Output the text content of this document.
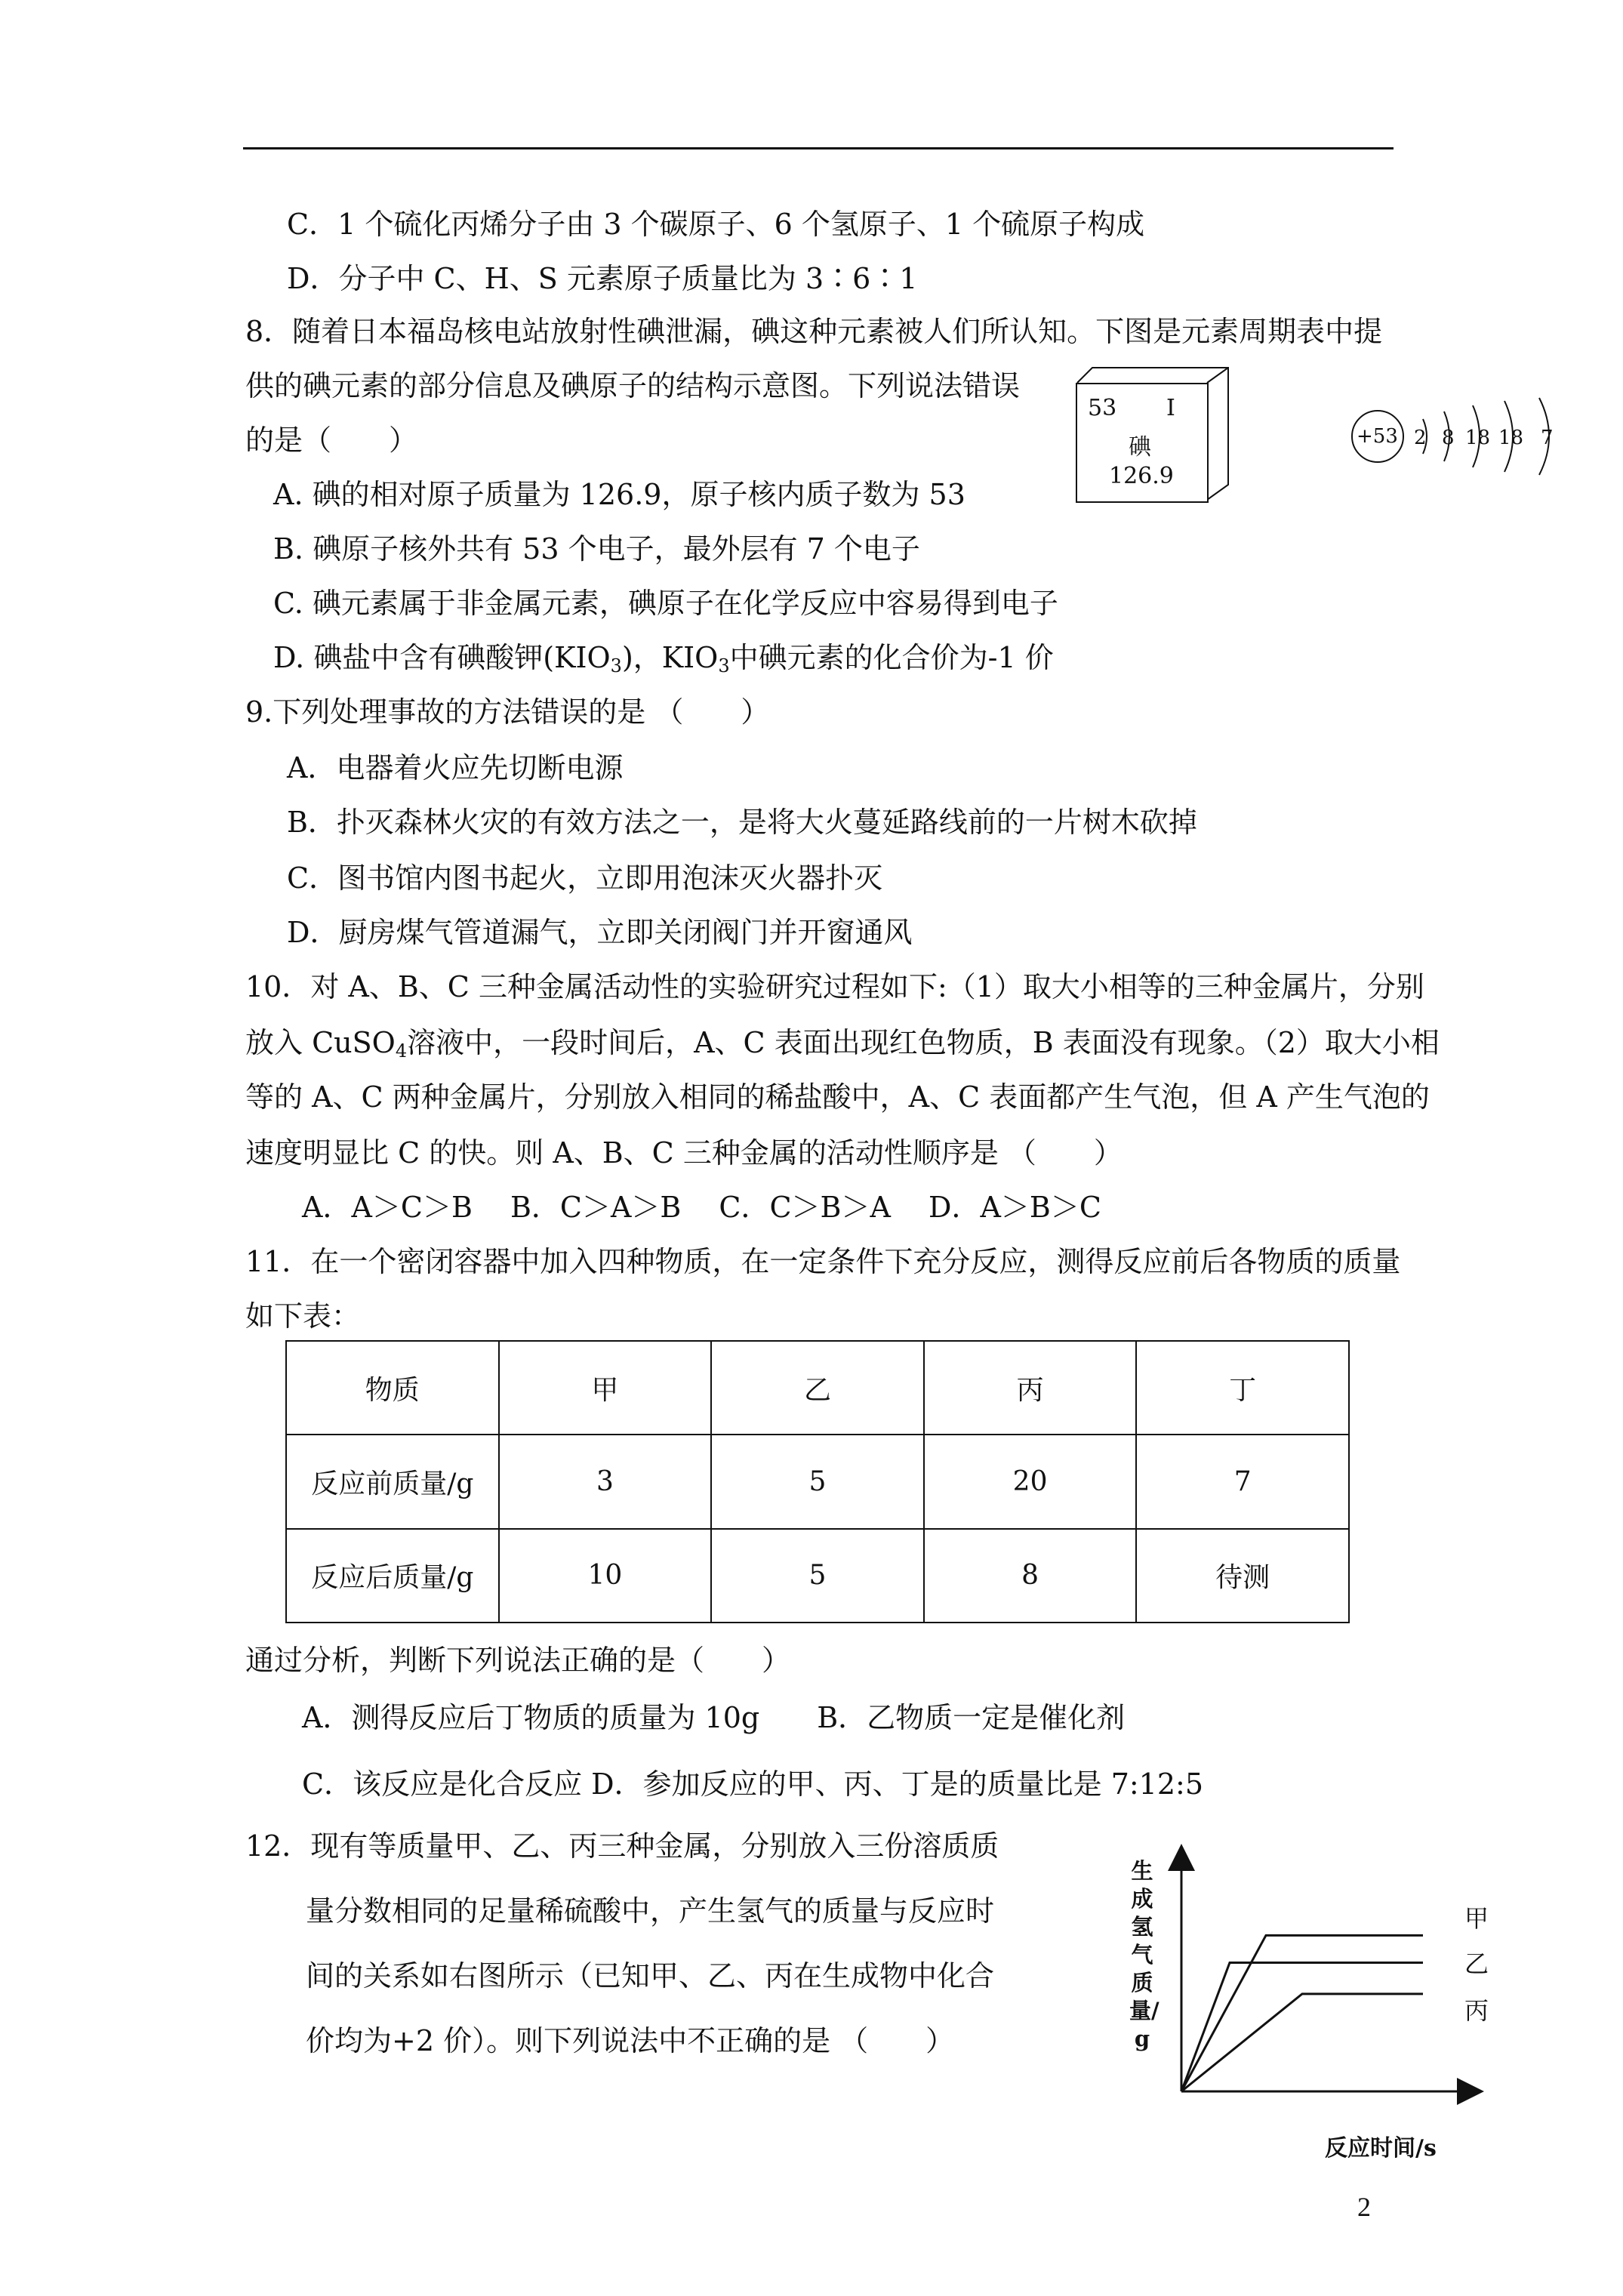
C．1 个硫化丙烯分子由 3 个碳原子、6 个氢原子、1 个硫原子构成
D．分子中 C、H、S 元素原子质量比为 3∶6∶1
8．随着日本福岛核电站放射性碘泄漏，碘这种元素被人们所认知。下图是元素周期表中提
供的碘元素的部分信息及碘原子的结构示意图。下列说法错误
的是（　　）
53 I
碘
126.9
+53 2 8 18 18 7
A. 碘的相对原子质量为 126.9，原子核内质子数为 53
B. 碘原子核外共有 53 个电子，最外层有 7 个电子
C. 碘元素属于非金属元素，碘原子在化学反应中容易得到电子
D. 碘盐中含有碘酸钾$(KIO_3)$，$KIO_3$中碘元素的化合价为-1 价
9.下列处理事故的方法错误的是 （　　）
A．电器着火应先切断电源
B．扑灭森林火灾的有效方法之一，是将大火蔓延路线前的一片树木砍掉
C．图书馆内图书起火，立即用泡沫灭火器扑灭
D．厨房煤气管道漏气，立即关闭阀门并开窗通风
10．对 A、B、C 三种金属活动性的实验研究过程如下:（1）取大小相等的三种金属片，分别
放入 CuSO$_4$溶液中，一段时间后，A、C 表面出现红色物质，B 表面没有现象。（2）取大小相
等的 A、C 两种金属片，分别放入相同的稀盐酸中，A、C 表面都产生气泡，但 A 产生气泡的
速度明显比 C 的快。则 A、B、C 三种金属的活动性顺序是 （　　）
A．A＞C＞B　 B．C＞A＞B　 C．C＞B＞A　 D．A＞B＞C
11．在一个密闭容器中加入四种物质，在一定条件下充分反应，测得反应前后各物质的质量
如下表：
物质	甲	乙	丙	丁
反应前质量/g	3	5	20	7
反应后质量/g	10	5	8	待测
通过分析，判断下列说法正确的是（　　）
A．测得反应后丁物质的质量为 10g　　B．乙物质一定是催化剂
C．该反应是化合反应 D．参加反应的甲、丙、丁是的质量比是 7:12:5
12．现有等质量甲、乙、丙三种金属，分别放入三份溶质质
量分数相同的足量稀硫酸中，产生氢气的质量与反应时
间的关系如右图所示（已知甲、乙、丙在生成物中化合
价均为+2 价）。则下列说法中不正确的是 （　　）
生成氢气质量/g
反应时间/s
甲
乙
丙
2
